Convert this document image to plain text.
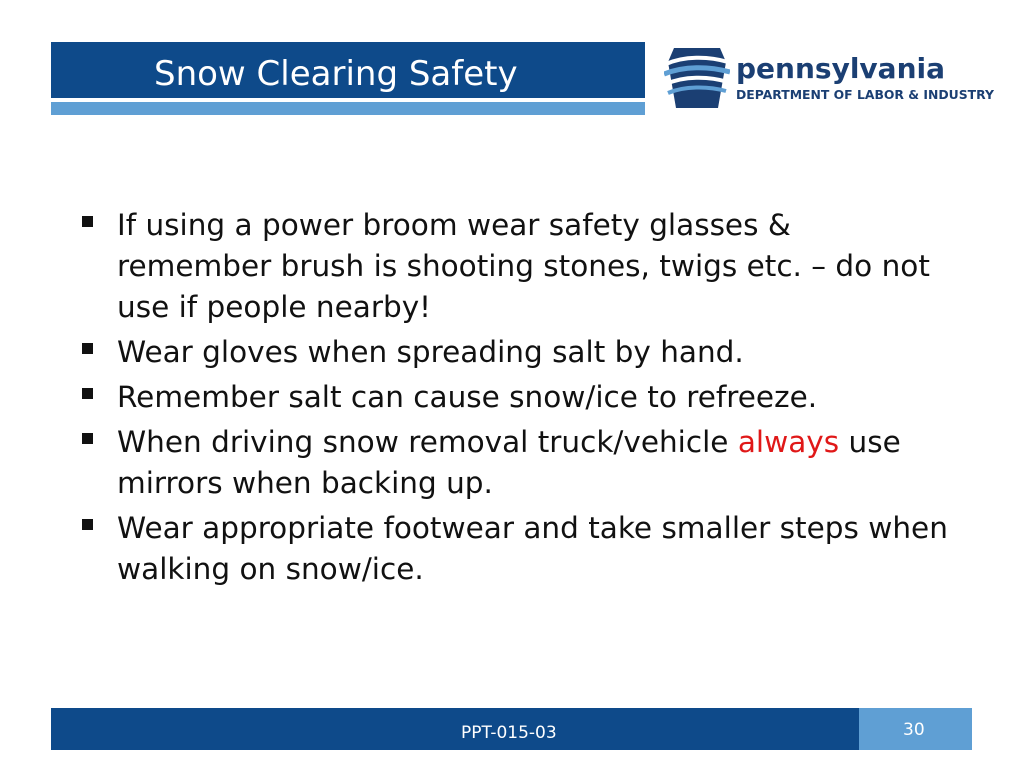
Snow Clearing Safety	pennsylvania
DEPARTMENT OF LABOR & INDUSTRY
If using a power broom wear safety glasses & remember brush is shooting stones, twigs etc. – do not use if people nearby!
Wear gloves when spreading salt by hand.
Remember salt can cause snow/ice to refreeze.
When driving snow removal truck/vehicle always use mirrors when backing up.
Wear appropriate footwear and take smaller steps when walking on snow/ice.
PPT-015-03	30
